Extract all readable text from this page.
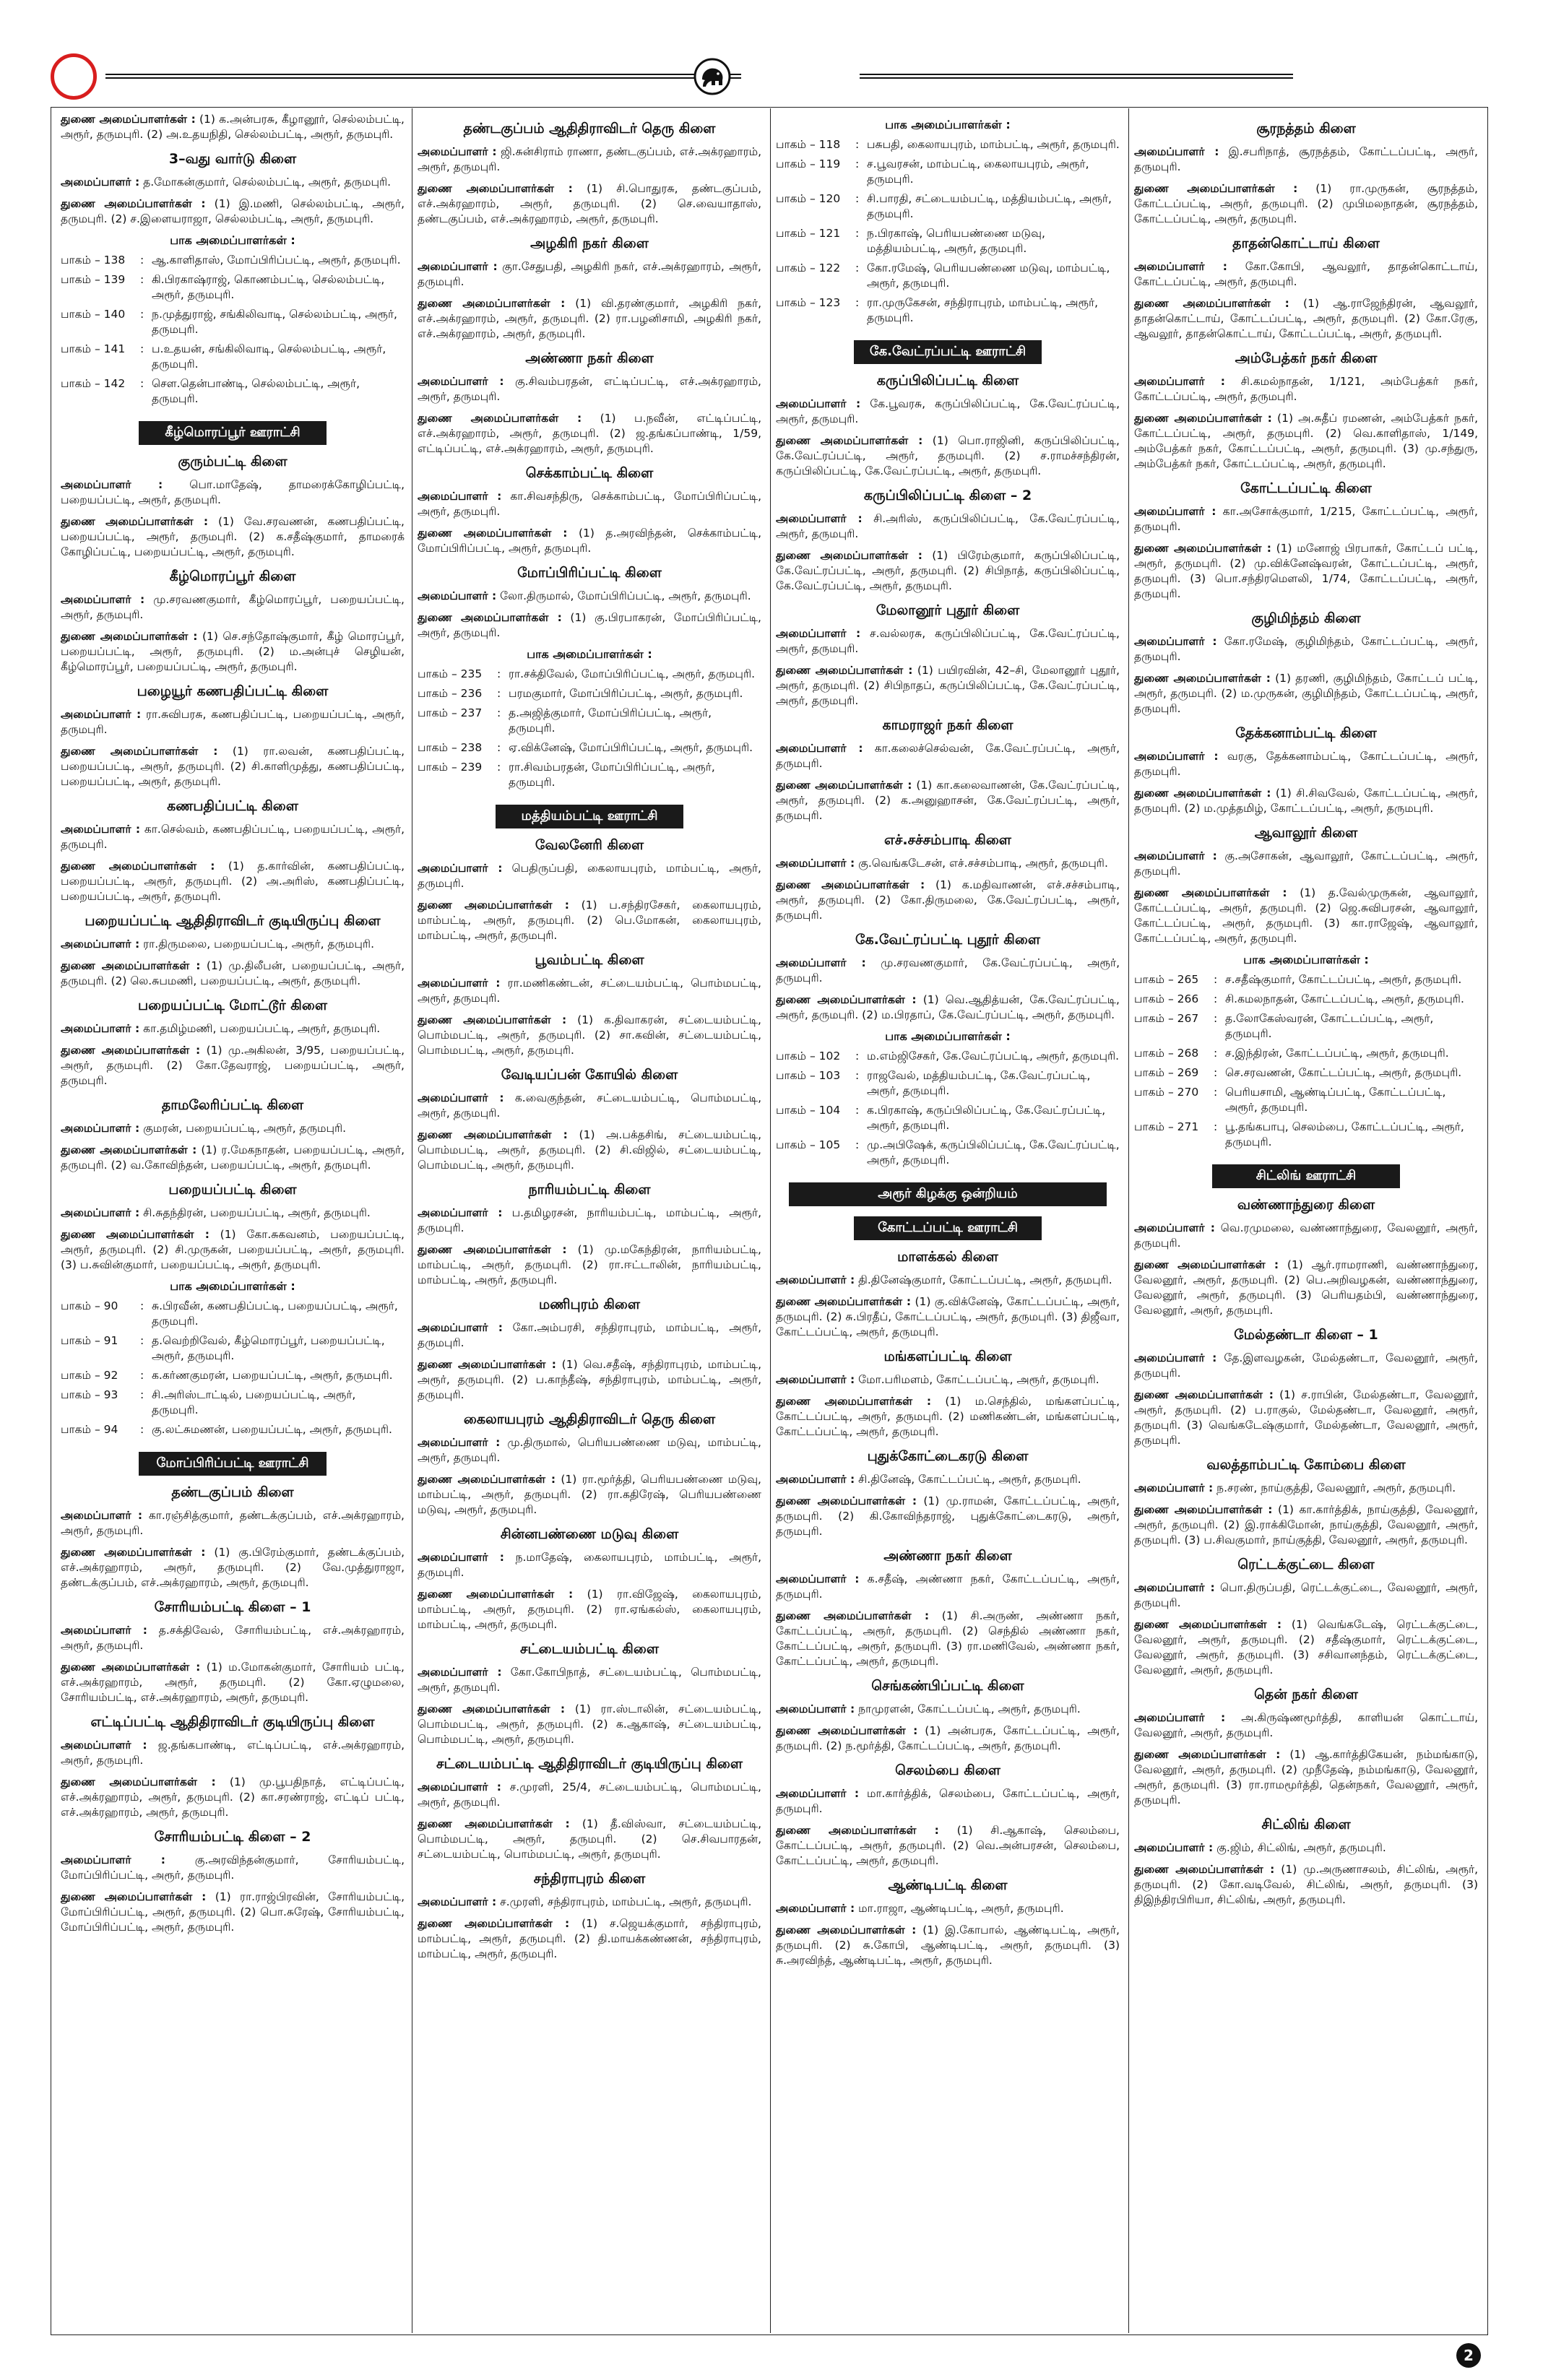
துணை அமைப்பாளர்கள் : (1) க.அன்பரசு, கீழானூர், செல்லம்பட்டி, அரூர், தருமபுரி. (2) அ.உதயநிதி, செல்லம்பட்டி, அரூர், தருமபுரி.
3–வது வார்டு கிளை
அமைப்பாளர் : த.மோகன்குமார், செல்லம்பட்டி, அரூர், தருமபுரி.
துணை அமைப்பாளர்கள் : (1) இ.மணி, செல்லம்பட்டி, அரூர், தருமபுரி. (2) ச.இளையராஜா, செல்லம்பட்டி, அரூர், தருமபுரி.
பாக அமைப்பாளர்கள் :
பாகம் – 138	:	ஆ.காளிதாஸ், மோப்பிரிப்பட்டி, அரூர், தருமபுரி.
பாகம் – 139	:	கி.பிரகாஷ்ராஜ், கொணம்பட்டி, செல்லம்பட்டி, அரூர், தருமபுரி.
பாகம் – 140	:	ந.முத்துராஜ், சங்கிலிவாடி, செல்லம்பட்டி, அரூர், தருமபுரி.
பாகம் – 141	:	ப.உதயன், சங்கிலிவாடி, செல்லம்பட்டி, அரூர், தருமபுரி.
பாகம் – 142	:	சௌ.தென்பாண்டி, செல்லம்பட்டி, அரூர், தருமபுரி.
கீழ்மொரப்பூர் ஊராட்சி
குரும்பட்டி கிளை
அமைப்பாளர் : பொ.மாதேஷ், தாமரைக்கோழிப்பட்டி, பறையப்பட்டி, அரூர், தருமபுரி.
துணை அமைப்பாளர்கள் : (1) வே.சரவணன், கணபதிப்பட்டி, பறையப்பட்டி, அரூர், தருமபுரி. (2) க.சதீஷ்குமார், தாமரைக் கோழிப்பட்டி, பறையப்பட்டி, அரூர், தருமபுரி.
கீழ்மொரப்பூர் கிளை
அமைப்பாளர் : மு.சரவணகுமார், கீழ்மொரப்பூர், பறையப்பட்டி, அரூர், தருமபுரி.
துணை அமைப்பாளர்கள் : (1) செ.சந்தோஷ்குமார், கீழ் மொரப்பூர், பறையப்பட்டி, அரூர், தருமபுரி. (2) ம.அன்புச் செழியன், கீழ்மொரப்பூர், பறையப்பட்டி, அரூர், தருமபுரி.
பழையூர் கணபதிப்பட்டி கிளை
அமைப்பாளர் : ரா.சுவிபரசு, கணபதிப்பட்டி, பறையப்பட்டி, அரூர், தருமபுரி.
துணை அமைப்பாளர்கள் : (1) ரா.லவன், கணபதிப்பட்டி, பறையப்பட்டி, அரூர், தருமபுரி. (2) சி.காளிமுத்து, கணபதிப்பட்டி, பறையப்பட்டி, அரூர், தருமபுரி.
கணபதிப்பட்டி கிளை
அமைப்பாளர் : கா.செல்வம், கணபதிப்பட்டி, பறையப்பட்டி, அரூர், தருமபுரி.
துணை அமைப்பாளர்கள் : (1) த.கார்வின், கணபதிப்பட்டி, பறையப்பட்டி, அரூர், தருமபுரி. (2) அ.அரிஸ், கணபதிப்பட்டி, பறையப்பட்டி, அரூர், தருமபுரி.
பறையப்பட்டி ஆதிதிராவிடர் குடியிருப்பு கிளை
அமைப்பாளர் : ரா.திருமலை, பறையப்பட்டி, அரூர், தருமபுரி.
துணை அமைப்பாளர்கள் : (1) மு.திலீபன், பறையப்பட்டி, அரூர், தருமபுரி. (2) லெ.சுபமணி, பறையப்பட்டி, அரூர், தருமபுரி.
பறையப்பட்டி மோட்டூர் கிளை
அமைப்பாளர் : கா.தமிழ்மணி, பறையப்பட்டி, அரூர், தருமபுரி.
துணை அமைப்பாளர்கள் : (1) மு.அகிலன், 3/95, பறையப்பட்டி, அரூர், தருமபுரி. (2) கோ.தேவராஜ், பறையப்பட்டி, அரூர், தருமபுரி.
தாமலேரிப்பட்டி கிளை
அமைப்பாளர் : குமரன், பறையப்பட்டி, அரூர், தருமபுரி.
துணை அமைப்பாளர்கள் : (1) ர.மேகநாதன், பறையப்பட்டி, அரூர், தருமபுரி. (2) வ.கோவிந்தன், பறையப்பட்டி, அரூர், தருமபுரி.
பறையப்பட்டி கிளை
அமைப்பாளர் : சி.சுதந்திரன், பறையப்பட்டி, அரூர், தருமபுரி.
துணை அமைப்பாளர்கள் : (1) கோ.சுகவனம், பறையப்பட்டி, அரூர், தருமபுரி. (2) சி.முருகன், பறையப்பட்டி, அரூர், தருமபுரி. (3) ப.சுவின்குமார், பறையப்பட்டி, அரூர், தருமபுரி.
பாக அமைப்பாளர்கள் :
பாகம் – 90	:	சு.பிரவீன், கணபதிப்பட்டி, பறையப்பட்டி, அரூர், தருமபுரி.
பாகம் – 91	:	த.வெற்றிவேல், கீழ்மொரப்பூர், பறையப்பட்டி, அரூர், தருமபுரி.
பாகம் – 92	:	க.கர்ணகுமரன், பறையப்பட்டி, அரூர், தருமபுரி.
பாகம் – 93	:	சி.அரிஸ்டாட்டில், பறையப்பட்டி, அரூர், தருமபுரி.
பாகம் – 94	:	கு.லட்சுமணன், பறையப்பட்டி, அரூர், தருமபுரி.
மோப்பிரிப்பட்டி ஊராட்சி
தண்டகுப்பம் கிளை
அமைப்பாளர் : கா.ரஞ்சித்குமார், தண்டக்குப்பம், எச்.அக்ரஹாரம், அரூர், தருமபுரி.
துணை அமைப்பாளர்கள் : (1) கு.பிரேம்குமார், தண்டக்குப்பம், எச்.அக்ரஹாரம், அரூர், தருமபுரி. (2) வே.முத்துராஜா, தண்டக்குப்பம், எச்.அக்ரஹாரம், அரூர், தருமபுரி.
சோரியம்பட்டி கிளை – 1
அமைப்பாளர் : த.சக்திவேல், சோரியம்பட்டி, எச்.அக்ரஹாரம், அரூர், தருமபுரி.
துணை அமைப்பாளர்கள் : (1) ம.மோகன்குமார், சோரியம் பட்டி, எச்.அக்ரஹாரம், அரூர், தருமபுரி. (2) கோ.ஏழுமலை, சோரியம்பட்டி, எச்.அக்ரஹாரம், அரூர், தருமபுரி.
எட்டிப்பட்டி ஆதிதிராவிடர் குடியிருப்பு கிளை
அமைப்பாளர் : ஜ.தங்கபாண்டி, எட்டிப்பட்டி, எச்.அக்ரஹாரம், அரூர், தருமபுரி.
துணை அமைப்பாளர்கள் : (1) மு.பூபதிநாத், எட்டிப்பட்டி, எச்.அக்ரஹாரம், அரூர், தருமபுரி. (2) கா.சரண்ராஜ், எட்டிப் பட்டி, எச்.அக்ரஹாரம், அரூர், தருமபுரி.
சோரியம்பட்டி கிளை – 2
அமைப்பாளர் :	கு.அரவிந்தன்குமார், சோரியம்பட்டி, மோப்பிரிப்பட்டி, அரூர், தருமபுரி.
துணை அமைப்பாளர்கள் : (1) ரா.ராஜ்பிரவின், சோரியம்பட்டி, மோப்பிரிப்பட்டி, அரூர், தருமபுரி. (2) பொ.சுரேஷ், சோரியம்பட்டி, மோப்பிரிப்பட்டி, அரூர், தருமபுரி.
தண்டகுப்பம் ஆதிதிராவிடர் தெரு கிளை
அமைப்பாளர் : ஜி.சுன்சிராம் ராணா, தண்டகுப்பம், எச்.அக்ரஹாரம், அரூர், தருமபுரி.
துணை அமைப்பாளர்கள் : (1) சி.பொதுரசு, தண்டகுப்பம், எச்.அக்ரஹாரம், அரூர், தருமபுரி. (2) செ.வையாதாஸ், தண்டகுப்பம், எச்.அக்ரஹாரம், அரூர், தருமபுரி.
அழகிரி நகர் கிளை
அமைப்பாளர் : குா.சேதுபதி, அழகிரி நகர், எச்.அக்ரஹாரம், அரூர், தருமபுரி.
துணை அமைப்பாளர்கள் : (1) வி.தரண்குமார், அழகிரி நகர், எச்.அக்ரஹாரம், அரூர், தருமபுரி. (2) ரா.பழனிசாமி, அழகிரி நகர், எச்.அக்ரஹாரம், அரூர், தருமபுரி.
அண்ணா நகர் கிளை
அமைப்பாளர் : கு.சிவம்பரதன், எட்டிப்பட்டி, எச்.அக்ரஹாரம், அரூர், தருமபுரி.
துணை அமைப்பாளர்கள் : (1) ப.நவீன், எட்டிப்பட்டி, எச்.அக்ரஹாரம், அரூர், தருமபுரி. (2) ஜ.தங்கப்பாண்டி, 1/59, எட்டிப்பட்டி, எச்.அக்ரஹாரம், அரூர், தருமபுரி.
செக்காம்பட்டி கிளை
அமைப்பாளர் : கா.சிவசந்திரு, செக்காம்பட்டி, மோப்பிரிப்பட்டி, அரூர், தருமபுரி.
துணை அமைப்பாளர்கள் : (1) த.அரவிந்தன், செக்காம்பட்டி, மோப்பிரிப்பட்டி, அரூர், தருமபுரி.
மோப்பிரிப்பட்டி கிளை
அமைப்பாளர் : லோ.திருமால், மோப்பிரிப்பட்டி, அரூர், தருமபுரி.
துணை அமைப்பாளர்கள் : (1) கு.பிரபாகரன், மோப்பிரிப்பட்டி, அரூர், தருமபுரி.
பாக அமைப்பாளர்கள் :
பாகம் – 235	:	ரா.சக்திவேல், மோப்பிரிப்பட்டி, அரூர், தருமபுரி.
பாகம் – 236	:	பரமகுமார், மோப்பிரிப்பட்டி, அரூர், தருமபுரி.
பாகம் – 237	:	த.அஜித்குமார், மோப்பிரிப்பட்டி, அரூர், தருமபுரி.
பாகம் – 238	:	ஏ.விக்னேஷ், மோப்பிரிப்பட்டி, அரூர், தருமபுரி.
பாகம் – 239	:	ரா.சிவம்பரதன், மோப்பிரிப்பட்டி, அரூர், தருமபுரி.
மத்தியம்பட்டி ஊராட்சி
வேலனேரி கிளை
அமைப்பாளர் : பெதிருப்பதி, கைலாயபுரம், மாம்பட்டி, அரூர், தருமபுரி.
துணை அமைப்பாளர்கள் : (1) ப.சந்திரசேகர், கைலாயபுரம், மாம்பட்டி, அரூர், தருமபுரி. (2) பெ.மோகன், கைலாயபுரம், மாம்பட்டி, அரூர், தருமபுரி.
பூவம்பட்டி கிளை
அமைப்பாளர் : ரா.மணிகண்டன், சட்டையம்பட்டி, பொம்மபட்டி, அரூர், தருமபுரி.
துணை அமைப்பாளர்கள் : (1) க.திவாகரன், சட்டையம்பட்டி, பொம்மபட்டி, அரூர், தருமபுரி. (2) சா.கவின், சட்டையம்பட்டி, பொம்மபட்டி, அரூர், தருமபுரி.
வேடியப்பன் கோயில் கிளை
அமைப்பாளர் : க.வைகுந்தன், சட்டையம்பட்டி, பொம்மபட்டி, அரூர், தருமபுரி.
துணை அமைப்பாளர்கள் : (1) அ.பக்தசிங், சட்டையம்பட்டி, பொம்மபட்டி, அரூர், தருமபுரி. (2) சி.விஜில், சட்டையம்பட்டி, பொம்மபட்டி, அரூர், தருமபுரி.
நாரியம்பட்டி கிளை
அமைப்பாளர் : ப.தமிழரசன், நாரியம்பட்டி, மாம்பட்டி, அரூர், தருமபுரி.
துணை அமைப்பாளர்கள் : (1) மு.மகேந்திரன், நாரியம்பட்டி, மாம்பட்டி, அரூர், தருமபுரி. (2) ரா.ஈட்டாலின், நாரியம்பட்டி, மாம்பட்டி, அரூர், தருமபுரி.
மணிபுரம் கிளை
அமைப்பாளர் : கோ.அம்பரசி, சந்திராபுரம், மாம்பட்டி, அரூர், தருமபுரி.
துணை அமைப்பாளர்கள் : (1) வெ.சதீஷ், சந்திராபுரம், மாம்பட்டி, அரூர், தருமபுரி. (2) ப.காந்தீஷ், சந்திராபுரம், மாம்பட்டி, அரூர், தருமபுரி.
கைலாயபுரம் ஆதிதிராவிடர் தெரு கிளை
அமைப்பாளர் : மு.திருமால், பெரியபண்ணை மடுவு, மாம்பட்டி, அரூர், தருமபுரி.
துணை அமைப்பாளர்கள் : (1) ரா.மூர்த்தி, பெரியபண்ணை மடுவு, மாம்பட்டி, அரூர், தருமபுரி. (2) ரா.கதிரேஷ், பெரியபண்ணை மடுவு, அரூர், தருமபுரி.
சின்னபண்ணை மடுவு கிளை
அமைப்பாளர் : ந.மாதேஷ், கைலாயபுரம், மாம்பட்டி, அரூர், தருமபுரி.
துணை அமைப்பாளர்கள் : (1) ரா.விஜேஷ், கைலாயபுரம், மாம்பட்டி, அரூர், தருமபுரி. (2) ரா.ஏங்கல்ஸ், கைலாயபுரம், மாம்பட்டி, அரூர், தருமபுரி.
சட்டையம்பட்டி கிளை
அமைப்பாளர் : கோ.கோபிநாத், சட்டையம்பட்டி, பொம்மபட்டி, அரூர், தருமபுரி.
துணை அமைப்பாளர்கள் : (1) ரா.ஸ்டாலின், சட்டையம்பட்டி, பொம்மபட்டி, அரூர், தருமபுரி. (2) க.ஆகாஷ், சட்டையம்பட்டி, பொம்மபட்டி, அரூர், தருமபுரி.
சட்டையம்பட்டி ஆதிதிராவிடர் குடியிருப்பு கிளை
அமைப்பாளர் : ச.முரளி, 25/4, சட்டையம்பட்டி, பொம்மபட்டி, அரூர், தருமபுரி.
துணை அமைப்பாளர்கள் : (1) தீ.விஸ்வா, சட்டையம்பட்டி, பொம்மபட்டி, அரூர், தருமபுரி. (2) செ.சிவபாரதன், சட்டையம்பட்டி, பொம்மபட்டி, அரூர், தருமபுரி.
சந்திராபுரம் கிளை
அமைப்பாளர் : ச.முரளி, சந்திராபுரம், மாம்பட்டி, அரூர், தருமபுரி.
துணை அமைப்பாளர்கள் : (1) ச.ஜெயக்குமார், சந்திராபுரம், மாம்பட்டி, அரூர், தருமபுரி. (2) தி.மாயக்கண்ணன், சந்திராபுரம், மாம்பட்டி, அரூர், தருமபுரி.
பாக அமைப்பாளர்கள் :
பாகம் – 118	:	பசுபதி, கைலாயபுரம், மாம்பட்டி, அரூர், தருமபுரி.
பாகம் – 119	:	ச.பூவரசன், மாம்பட்டி, கைலாயபுரம், அரூர், தருமபுரி.
பாகம் – 120	:	சி.பாரதி, சட்டையம்பட்டி, மத்தியம்பட்டி, அரூர், தருமபுரி.
பாகம் – 121	:	ந.பிரகாஷ், பெரியபண்ணை மடுவு, மத்தியம்பட்டி, அரூர், தருமபுரி.
பாகம் – 122	:	கோ.ரமேஷ், பெரியபண்ணை மடுவு, மாம்பட்டி, அரூர், தருமபுரி.
பாகம் – 123	:	ரா.முருகேசன், சந்திராபுரம், மாம்பட்டி, அரூர், தருமபுரி.
கே.வேட்ரப்பட்டி ஊராட்சி
கருப்பிலிப்பட்டி கிளை
அமைப்பாளர் : கே.பூவரசு, கருப்பிலிப்பட்டி, கே.வேட்ரப்பட்டி, அரூர், தருமபுரி.
துணை அமைப்பாளர்கள் : (1) பொ.ராஜினி, கருப்பிலிப்பட்டி, கே.வேட்ரப்பட்டி, அரூர், தருமபுரி. (2) ச.ராமச்சந்திரன், கருப்பிலிப்பட்டி, கே.வேட்ரப்பட்டி, அரூர், தருமபுரி.
கருப்பிலிப்பட்டி கிளை – 2
அமைப்பாளர் : சி.அரிஸ், கருப்பிலிப்பட்டி, கே.வேட்ரப்பட்டி, அரூர், தருமபுரி.
துணை அமைப்பாளர்கள் : (1) பிரேம்குமார், கருப்பிலிப்பட்டி, கே.வேட்ரப்பட்டி, அரூர், தருமபுரி. (2) சிபிநாத், கருப்பிலிப்பட்டி, கே.வேட்ரப்பட்டி, அரூர், தருமபுரி.
மேலானூர் புதூர் கிளை
அமைப்பாளர் : ச.வல்லரசு, கருப்பிலிப்பட்டி, கே.வேட்ரப்பட்டி, அரூர், தருமபுரி.
துணை அமைப்பாளர்கள் : (1) பயிரவின், 42–சி, மேலானூர் புதூர், அரூர், தருமபுரி. (2) சிபிநாதப், கருப்பிலிப்பட்டி, கே.வேட்ரப்பட்டி, அரூர், தருமபுரி.
காமராஜர் நகர் கிளை
அமைப்பாளர் : கா.கலைச்செல்வன், கே.வேட்ரப்பட்டி, அரூர், தருமபுரி.
துணை அமைப்பாளர்கள் : (1) கா.கலைவாணன், கே.வேட்ரப்பட்டி, அரூர், தருமபுரி. (2) க.அனுஹாசன், கே.வேட்ரப்பட்டி, அரூர், தருமபுரி.
எச்.சச்சம்பாடி கிளை
அமைப்பாளர் : கு.வெங்கடேசன், எச்.சச்சம்பாடி, அரூர், தருமபுரி.
துணை அமைப்பாளர்கள் : (1) க.மதிவாணன், எச்.சச்சம்பாடி, அரூர், தருமபுரி. (2) கோ.திருமலை, கே.வேட்ரப்பட்டி, அரூர், தருமபுரி.
கே.வேட்ரப்பட்டி புதூர் கிளை
அமைப்பாளர் : மு.சரவணகுமார், கே.வேட்ரப்பட்டி, அரூர், தருமபுரி.
துணை அமைப்பாளர்கள் : (1) வெ.ஆதித்யன், கே.வேட்ரப்பட்டி, அரூர், தருமபுரி. (2) ம.பிரதாப், கே.வேட்ரப்பட்டி, அரூர், தருமபுரி.
பாக அமைப்பாளர்கள் :
பாகம் – 102	:	ம.எம்ஜிசேகர், கே.வேட்ரப்பட்டி, அரூர், தருமபுரி.
பாகம் – 103	:	ராஜவேல், மத்தியம்பட்டி, கே.வேட்ரப்பட்டி, அரூர், தருமபுரி.
பாகம் – 104	:	க.பிரகாஷ், கருப்பிலிப்பட்டி, கே.வேட்ரப்பட்டி, அரூர், தருமபுரி.
பாகம் – 105	:	மு.அபிஷேக், கருப்பிலிப்பட்டி, கே.வேட்ரப்பட்டி, அரூர், தருமபுரி.
அரூர் கிழக்கு ஒன்றியம்
கோட்டப்பட்டி ஊராட்சி
மாளக்கல் கிளை
அமைப்பாளர் : தி.தினேஷ்குமார், கோட்டப்பட்டி, அரூர், தருமபுரி.
துணை அமைப்பாளர்கள் : (1) கு.விக்னேஷ், கோட்டப்பட்டி, அரூர், தருமபுரி. (2) சு.பிரதீப், கோட்டப்பட்டி, அரூர், தருமபுரி. (3) திஜீவா, கோட்டப்பட்டி, அரூர், தருமபுரி.
மங்களப்பட்டி கிளை
அமைப்பாளர் : மோ.பரிமளம், கோட்டப்பட்டி, அரூர், தருமபுரி.
துணை அமைப்பாளர்கள் : (1) ம.செந்தில், மங்களப்பட்டி, கோட்டப்பட்டி, அரூர், தருமபுரி. (2) மணிகண்டன், மங்களப்பட்டி, கோட்டப்பட்டி, அரூர், தருமபுரி.
புதுக்கோட்டைகரடு கிளை
அமைப்பாளர் : சி.தினேஷ், கோட்டப்பட்டி, அரூர், தருமபுரி.
துணை அமைப்பாளர்கள் : (1) மு.ராமன், கோட்டப்பட்டி, அரூர், தருமபுரி. (2) கி.கோவிந்தராஜ், புதுக்கோட்டைகரடு, அரூர், தருமபுரி.
அண்ணா நகர் கிளை
அமைப்பாளர் : க.சதீஷ், அண்ணா நகர், கோட்டப்பட்டி, அரூர், தருமபுரி.
துணை அமைப்பாளர்கள் : (1) சி.அருண், அண்ணா நகர், கோட்டப்பட்டி, அரூர், தருமபுரி. (2) செந்தில் அண்ணா நகர், கோட்டப்பட்டி, அரூர், தருமபுரி. (3) ரா.மணிவேல், அண்ணா நகர், கோட்டப்பட்டி, அரூர், தருமபுரி.
செங்கண்பிப்பட்டி கிளை
அமைப்பாளர் : நாமுரளன், கோட்டப்பட்டி, அரூர், தருமபுரி.
துணை அமைப்பாளர்கள் : (1) அன்பரசு, கோட்டப்பட்டி, அரூர், தருமபுரி. (2) ந.மூர்த்தி, கோட்டப்பட்டி, அரூர், தருமபுரி.
செலம்பை கிளை
அமைப்பாளர் : மா.கார்த்திக், செலம்பை, கோட்டப்பட்டி, அரூர், தருமபுரி.
துணை அமைப்பாளர்கள் : (1) சி.ஆகாஷ், செலம்பை, கோட்டப்பட்டி, அரூர், தருமபுரி. (2) வெ.அன்பரசன், செலம்பை, கோட்டப்பட்டி, அரூர், தருமபுரி.
ஆண்டிபட்டி கிளை
அமைப்பாளர் : மா.ராஜா, ஆண்டிபட்டி, அரூர், தருமபுரி.
துணை அமைப்பாளர்கள் : (1) இ.கோபால், ஆண்டிபட்டி, அரூர், தருமபுரி. (2) சு.கோபி, ஆண்டிபட்டி, அரூர், தருமபுரி. (3) சு.அரவிந்த், ஆண்டிபட்டி, அரூர், தருமபுரி.
சூரநத்தம் கிளை
அமைப்பாளர் : இ.சபரிநாத், சூரநத்தம், கோட்டப்பட்டி, அரூர், தருமபுரி.
துணை அமைப்பாளர்கள் : (1) ரா.முருகன், சூரநத்தம், கோட்டப்பட்டி, அரூர், தருமபுரி. (2) முபிமலநாதன், சூரநத்தம், கோட்டப்பட்டி, அரூர், தருமபுரி.
தாதன்கொட்டாய் கிளை
அமைப்பாளர் : கோ.கோபி, ஆவலூர், தாதன்கொட்டாய், கோட்டப்பட்டி, அரூர், தருமபுரி.
துணை அமைப்பாளர்கள் : (1) ஆ.ராஜேந்திரன், ஆவலூர், தாதன்கொட்டாய், கோட்டப்பட்டி, அரூர், தருமபுரி. (2) கோ.ரேகு, ஆவலூர், தாதன்கொட்டாய், கோட்டப்பட்டி, அரூர், தருமபுரி.
அம்பேத்கர் நகர் கிளை
அமைப்பாளர் : சி.கமல்நாதன், 1/121, அம்பேத்கர் நகர், கோட்டப்பட்டி, அரூர், தருமபுரி.
துணை அமைப்பாளர்கள் : (1) அ.சுதீப் ரமணன், அம்பேத்கர் நகர், கோட்டப்பட்டி, அரூர், தருமபுரி. (2) வெ.காளிதாஸ், 1/149, அம்பேத்கர் நகர், கோட்டப்பட்டி, அரூர், தருமபுரி. (3) மு.சந்துரு, அம்பேத்கர் நகர், கோட்டப்பட்டி, அரூர், தருமபுரி.
கோட்டப்பட்டி கிளை
அமைப்பாளர் : கா.அசோக்குமார், 1/215, கோட்டப்பட்டி, அரூர், தருமபுரி.
துணை அமைப்பாளர்கள் : (1) மனோஜ் பிரபாகர், கோட்டப் பட்டி, அரூர், தருமபுரி. (2) மு.விக்னேஷ்வரன், கோட்டப்பட்டி, அரூர், தருமபுரி. (3) பொ.சந்திரமௌலி, 1/74, கோட்டப்பட்டி, அரூர், தருமபுரி.
குழிமிந்தம் கிளை
அமைப்பாளர் : கோ.ரமேஷ், குழிமிந்தம், கோட்டப்பட்டி, அரூர், தருமபுரி.
துணை அமைப்பாளர்கள் : (1) தரணி, குழிமிந்தம், கோட்டப் பட்டி, அரூர், தருமபுரி. (2) ம.முருகன், குழிமிந்தம், கோட்டப்பட்டி, அரூர், தருமபுரி.
தேக்கனாம்பட்டி கிளை
அமைப்பாளர் : வரகு, தேக்கனாம்பட்டி, கோட்டப்பட்டி, அரூர், தருமபுரி.
துணை அமைப்பாளர்கள் : (1) சி.சிவவேல், கோட்டப்பட்டி, அரூர், தருமபுரி. (2) ம.முத்தமிழ், கோட்டப்பட்டி, அரூர், தருமபுரி.
ஆவாலூர் கிளை
அமைப்பாளர் : கு.அசோகன், ஆவாலூர், கோட்டப்பட்டி, அரூர், தருமபுரி.
துணை அமைப்பாளர்கள் : (1) த.வேல்முருகன், ஆவாலூர், கோட்டப்பட்டி, அரூர், தருமபுரி. (2) ஜெ.சுவிபரசன், ஆவாலூர், கோட்டப்பட்டி, அரூர், தருமபுரி. (3) கா.ராஜேஷ், ஆவாலூர், கோட்டப்பட்டி, அரூர், தருமபுரி.
பாக அமைப்பாளர்கள் :
பாகம் – 265	:	ச.சதீஷ்குமார், கோட்டப்பட்டி, அரூர், தருமபுரி.
பாகம் – 266	:	சி.கமலநாதன், கோட்டப்பட்டி, அரூர், தருமபுரி.
பாகம் – 267	:	த.லோகேஸ்வரன், கோட்டப்பட்டி, அரூர், தருமபுரி.
பாகம் – 268	:	ச.இந்திரன், கோட்டப்பட்டி, அரூர், தருமபுரி.
பாகம் – 269	:	செ.சரவணன், கோட்டப்பட்டி, அரூர், தருமபுரி.
பாகம் – 270	:	பெரியசாமி, ஆண்டிப்பட்டி, கோட்டப்பட்டி, அரூர், தருமபுரி.
பாகம் – 271	:	பூ.தங்கபாபு, செலம்பை, கோட்டப்பட்டி, அரூர், தருமபுரி.
சிட்லிங் ஊராட்சி
வண்ணாந்துரை கிளை
அமைப்பாளர் : வெ.ரமுமலை, வண்ணாந்துரை, வேலனூர், அரூர், தருமபுரி.
துணை அமைப்பாளர்கள் : (1) ஆர்.ராமராணி, வண்ணாந்துரை, வேலனூர், அரூர், தருமபுரி. (2) பெ.அறிவழகன், வண்ணாந்துரை, வேலனூர், அரூர், தருமபுரி. (3) பெரியதம்பி, வண்ணாந்துரை, வேலனூர், அரூர், தருமபுரி.
மேல்தண்டா கிளை – 1
அமைப்பாளர் : தே.இளவழகன், மேல்தண்டா, வேலனூர், அரூர், தருமபுரி.
துணை அமைப்பாளர்கள் : (1) ச.ராபின், மேல்தண்டா, வேலனூர், அரூர், தருமபுரி. (2) ப.ராகுல், மேல்தண்டா, வேலனூர், அரூர், தருமபுரி. (3) வெங்கடேஷ்குமார், மேல்தண்டா, வேலனூர், அரூர், தருமபுரி.
வலத்தாம்பட்டி கோம்பை கிளை
அமைப்பாளர் : ந.சரண், நாய்குத்தி, வேலனூர், அரூர், தருமபுரி.
துணை அமைப்பாளர்கள் : (1) கா.கார்த்திக், நாய்குத்தி, வேலனூர், அரூர், தருமபுரி. (2) இ.ராக்கிமோன், நாய்குத்தி, வேலனூர், அரூர், தருமபுரி. (3) ப.சிவகுமார், நாய்குத்தி, வேலனூர், அரூர், தருமபுரி.
ரெட்டக்குட்டை கிளை
அமைப்பாளர் : பொ.திருப்பதி, ரெட்டக்குட்டை, வேலனூர், அரூர், தருமபுரி.
துணை அமைப்பாளர்கள் : (1) வெங்கடேஷ், ரெட்டக்குட்டை, வேலனூர், அரூர், தருமபுரி. (2) சதீஷ்குமார், ரெட்டக்குட்டை, வேலனூர், அரூர், தருமபுரி. (3) சசிவானந்தம், ரெட்டக்குட்டை, வேலனூர், அரூர், தருமபுரி.
தென் நகர் கிளை
அமைப்பாளர் : அ.கிருஷ்ணமூர்த்தி, காளியன் கொட்டாய், வேலனூர், அரூர், தருமபுரி.
துணை அமைப்பாளர்கள் : (1) ஆ.கார்த்திகேயன், நம்மங்காடு, வேலனூர், அரூர், தருமபுரி. (2) முநீதேஷ், நம்மங்காடு, வேலனூர், அரூர், தருமபுரி. (3) ரா.ராமமூர்த்தி, தென்நகர், வேலனூர், அரூர், தருமபுரி.
சிட்லிங் கிளை
அமைப்பாளர் : கு.ஜிம், சிட்லிங், அரூர், தருமபுரி.
துணை அமைப்பாளர்கள் : (1) மு.அருணாசலம், சிட்லிங், அரூர், தருமபுரி. (2) கோ.வடிவேல், சிட்லிங், அரூர், தருமபுரி. (3) திஇந்திரபிரியா, சிட்லிங், அரூர், தருமபுரி.
2
